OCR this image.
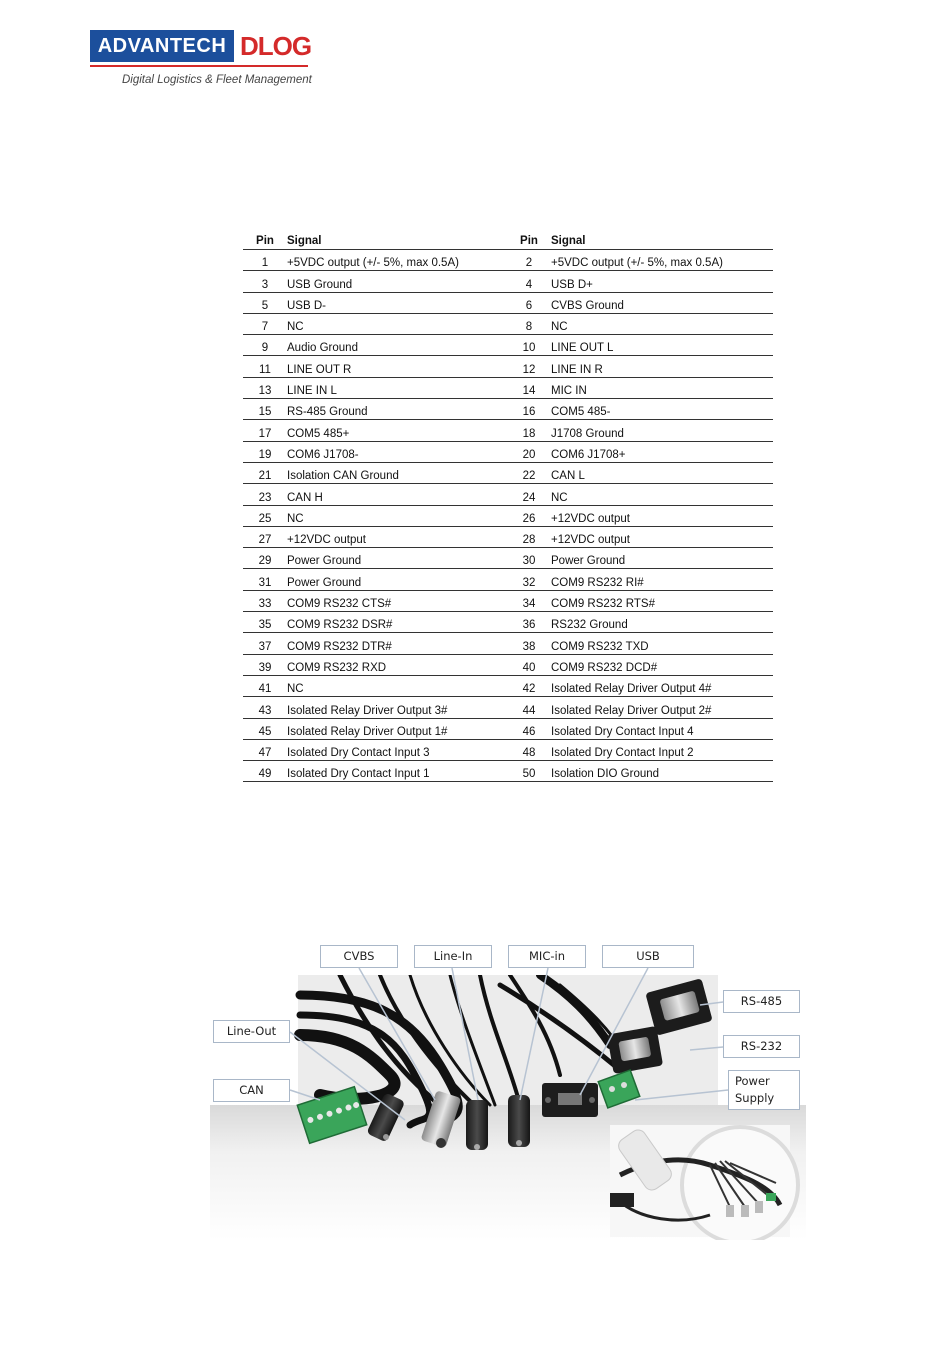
ADVANTECH DLOG
Digital Logistics & Fleet Management
Pin	Signal	Pin	Signal
1	+5VDC output (+/- 5%, max 0.5A)	2	+5VDC output (+/- 5%, max 0.5A)
3	USB Ground	4	USB D+
5	USB D-	6	CVBS Ground
7	NC	8	NC
9	Audio Ground	10	LINE OUT L
11	LINE OUT R	12	LINE IN R
13	LINE IN L	14	MIC IN
15	RS-485 Ground	16	COM5 485-
17	COM5 485+	18	J1708 Ground
19	COM6 J1708-	20	COM6 J1708+
21	Isolation CAN Ground	22	CAN L
23	CAN H	24	NC
25	NC	26	+12VDC output
27	+12VDC output	28	+12VDC output
29	Power Ground	30	Power Ground
31	Power Ground	32	COM9 RS232 RI#
33	COM9 RS232 CTS#	34	COM9 RS232 RTS#
35	COM9 RS232 DSR#	36	RS232 Ground
37	COM9 RS232 DTR#	38	COM9 RS232 TXD
39	COM9 RS232 RXD	40	COM9 RS232 DCD#
41	NC	42	Isolated Relay Driver Output 4#
43	Isolated Relay Driver Output 3#	44	Isolated Relay Driver Output 2#
45	Isolated Relay Driver Output 1#	46	Isolated Dry Contact Input 4
47	Isolated Dry Contact Input 3	48	Isolated Dry Contact Input 2
49	Isolated Dry Contact Input 1	50	Isolation DIO Ground
CVBS	Line-In	MIC-in	USB
RS-485
RS-232
Power Supply
Line-Out
CAN
